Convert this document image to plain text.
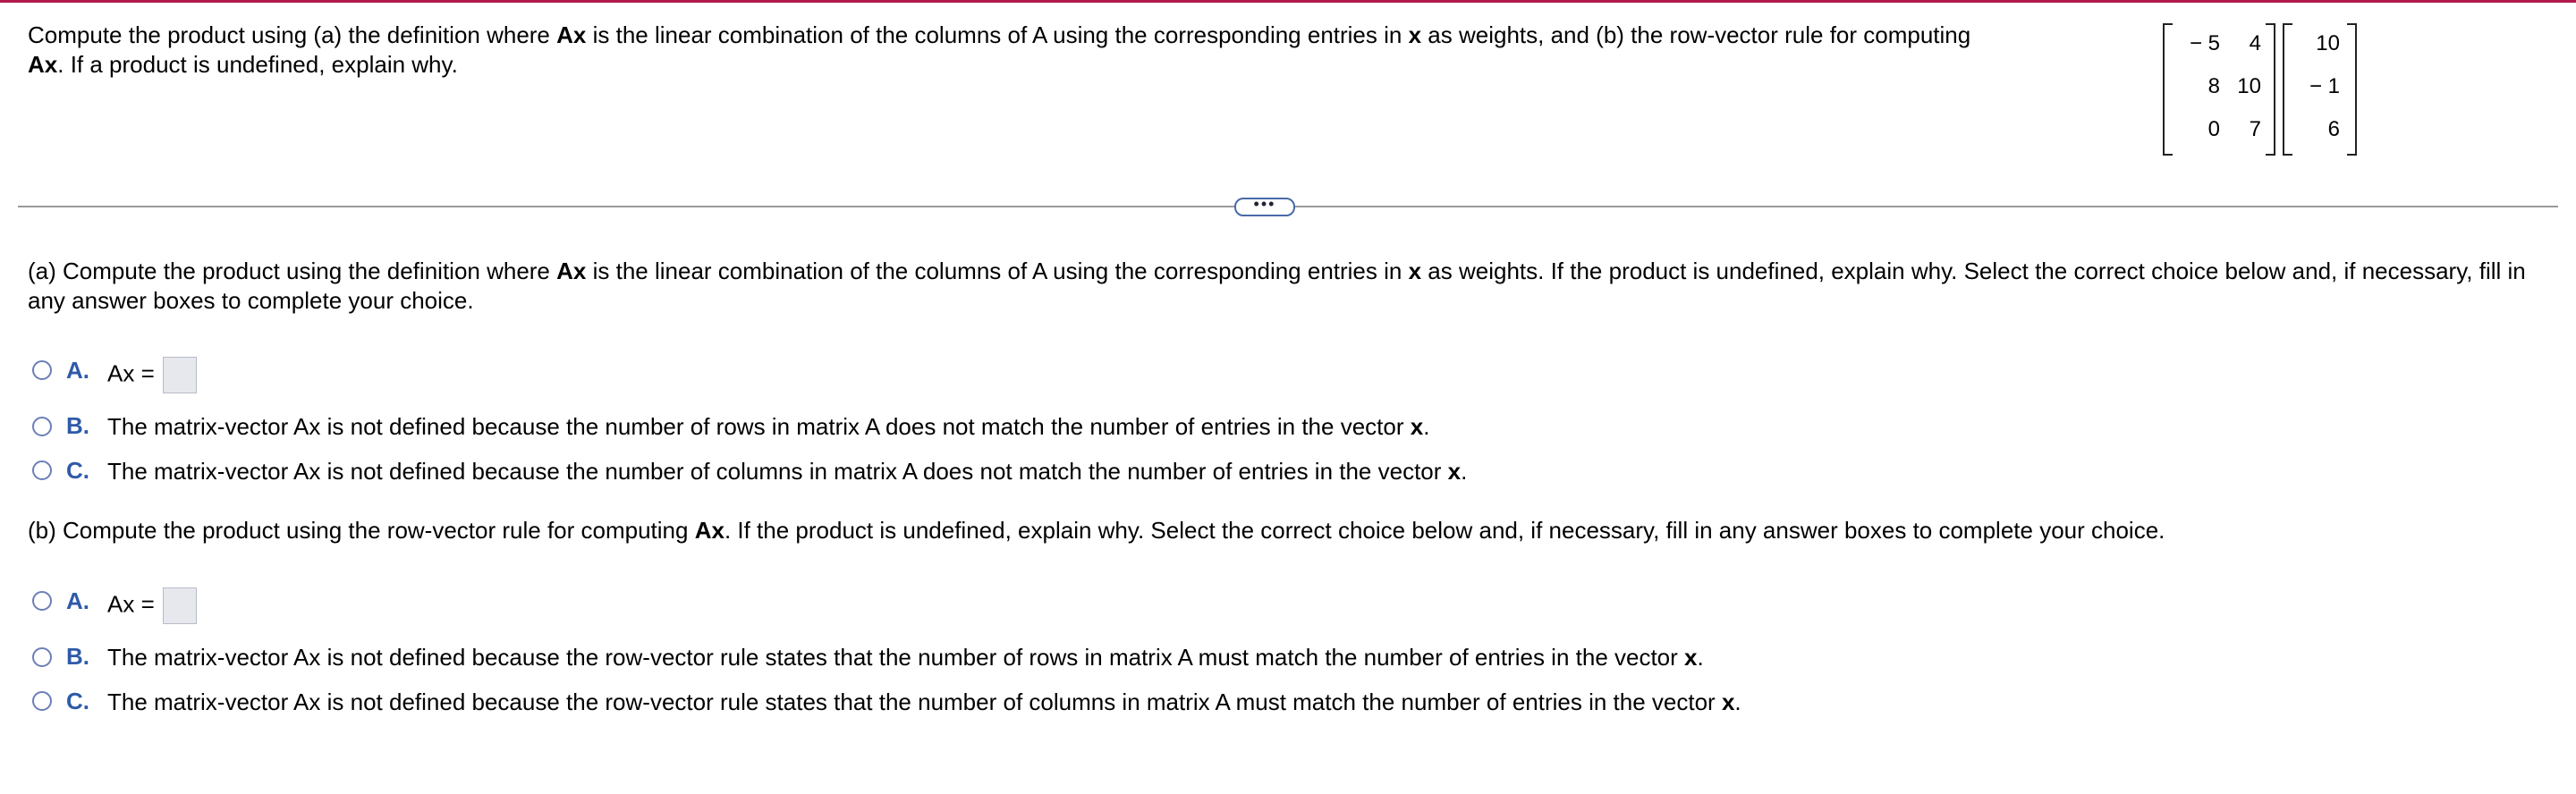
Compute the product using (a) the definition where Ax is the linear combination of the columns of A using the corresponding entries in x as weights, and (b) the row-vector rule for computing
Ax. If a product is undefined, explain why.
− 5	4
8 10
0	7
10
− 1
6
•••
(a) Compute the product using the definition where Ax is the linear combination of the columns of A using the corresponding entries in x as weights. If the product is undefined, explain why. Select the correct choice below and, if necessary, fill in any answer boxes to complete your choice.
A. Ax =
B. The matrix-vector Ax is not defined because the number of rows in matrix A does not match the number of entries in the vector x.
C. The matrix-vector Ax is not defined because the number of columns in matrix A does not match the number of entries in the vector x.
(b) Compute the product using the row-vector rule for computing Ax. If the product is undefined, explain why. Select the correct choice below and, if necessary, fill in any answer boxes to complete your choice.
A. Ax =
B. The matrix-vector Ax is not defined because the row-vector rule states that the number of rows in matrix A must match the number of entries in the vector x.
C. The matrix-vector Ax is not defined because the row-vector rule states that the number of columns in matrix A must match the number of entries in the vector x.
